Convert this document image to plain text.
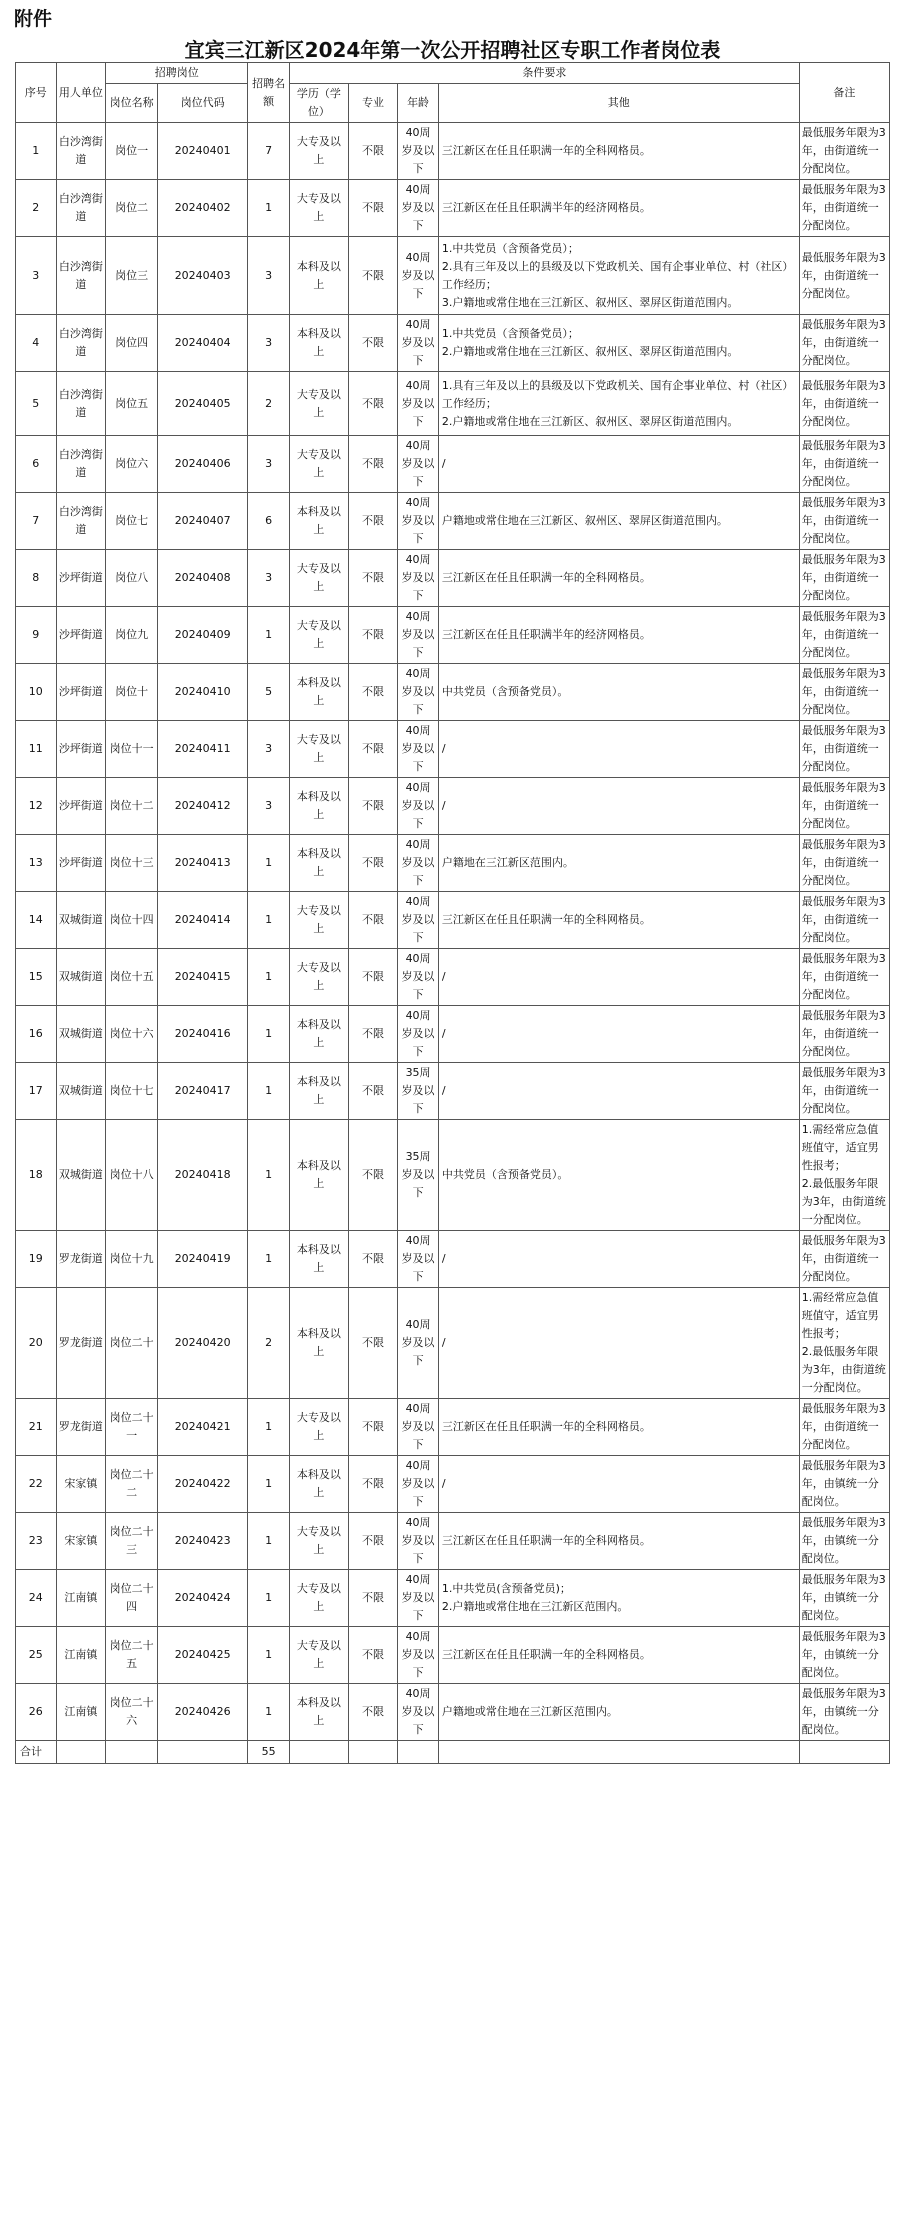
附件
宜宾三江新区2024年第一次公开招聘社区专职工作者岗位表
序号	用人单位	招聘岗位		招聘名额	条件要求				备注
		岗位名称	岗位代码		学历（学位）	专业	年龄	其他	
1	白沙湾街道	岗位一	20240401	7	大专及以上	不限	40周岁及以下	三江新区在任且任职满一年的全科网格员。	最低服务年限为3年，由街道统一分配岗位。

2	白沙湾街道	岗位二	20240402	1	大专及以上	不限	40周岁及以下	三江新区在任且任职满半年的经济网格员。	最低服务年限为3年，由街道统一分配岗位。

3	白沙湾街道	岗位三	20240403	3	本科及以上	不限	40周岁及以下	1.中共党员（含预备党员）；
2.具有三年及以上的县级及以下党政机关、国有企事业单位、村（社区）工作经历；
3.户籍地或常住地在三江新区、叙州区、翠屏区街道范围内。	最低服务年限为3年，由街道统一分配岗位。

4	白沙湾街道	岗位四	20240404	3	本科及以上	不限	40周岁及以下	1.中共党员（含预备党员）；
2.户籍地或常住地在三江新区、叙州区、翠屏区街道范围内。	最低服务年限为3年，由街道统一分配岗位。

5	白沙湾街道	岗位五	20240405	2	大专及以上	不限	40周岁及以下	1.具有三年及以上的县级及以下党政机关、国有企事业单位、村（社区）工作经历；
2.户籍地或常住地在三江新区、叙州区、翠屏区街道范围内。	最低服务年限为3年，由街道统一分配岗位。

6	白沙湾街道	岗位六	20240406	3	大专及以上	不限	40周岁及以下	/	最低服务年限为3年，由街道统一分配岗位。

7	白沙湾街道	岗位七	20240407	6	本科及以上	不限	40周岁及以下	户籍地或常住地在三江新区、叙州区、翠屏区街道范围内。	最低服务年限为3年，由街道统一分配岗位。

8	沙坪街道	岗位八	20240408	3	大专及以上	不限	40周岁及以下	三江新区在任且任职满一年的全科网格员。	最低服务年限为3年，由街道统一分配岗位。

9	沙坪街道	岗位九	20240409	1	大专及以上	不限	40周岁及以下	三江新区在任且任职满半年的经济网格员。	最低服务年限为3年，由街道统一分配岗位。

10	沙坪街道	岗位十	20240410	5	本科及以上	不限	40周岁及以下	中共党员（含预备党员）。	最低服务年限为3年，由街道统一分配岗位。

11	沙坪街道	岗位十一	20240411	3	大专及以上	不限	40周岁及以下	/	最低服务年限为3年，由街道统一分配岗位。

12	沙坪街道	岗位十二	20240412	3	本科及以上	不限	40周岁及以下	/	最低服务年限为3年，由街道统一分配岗位。

13	沙坪街道	岗位十三	20240413	1	本科及以上	不限	40周岁及以下	户籍地在三江新区范围内。	最低服务年限为3年，由街道统一分配岗位。

14	双城街道	岗位十四	20240414	1	大专及以上	不限	40周岁及以下	三江新区在任且任职满一年的全科网格员。	最低服务年限为3年，由街道统一分配岗位。

15	双城街道	岗位十五	20240415	1	大专及以上	不限	40周岁及以下	/	最低服务年限为3年，由街道统一分配岗位。

16	双城街道	岗位十六	20240416	1	本科及以上	不限	40周岁及以下	/	最低服务年限为3年，由街道统一分配岗位。

17	双城街道	岗位十七	20240417	1	本科及以上	不限	35周岁及以下	/	最低服务年限为3年，由街道统一分配岗位。

18	双城街道	岗位十八	20240418	1	本科及以上	不限	35周岁及以下	中共党员（含预备党员）。	1.需经常应急值班值守，适宜男性报考；
2.最低服务年限为3年，由街道统一分配岗位。

19	罗龙街道	岗位十九	20240419	1	本科及以上	不限	40周岁及以下	/	最低服务年限为3年，由街道统一分配岗位。

20	罗龙街道	岗位二十	20240420	2	本科及以上	不限	40周岁及以下	/	1.需经常应急值班值守，适宜男性报考；
2.最低服务年限为3年，由街道统一分配岗位。

21	罗龙街道	岗位二十一	20240421	1	大专及以上	不限	40周岁及以下	三江新区在任且任职满一年的全科网格员。	最低服务年限为3年，由街道统一分配岗位。

22	宋家镇	岗位二十二	20240422	1	本科及以上	不限	40周岁及以下	/	最低服务年限为3年，由镇统一分配岗位。

23	宋家镇	岗位二十三	20240423	1	大专及以上	不限	40周岁及以下	三江新区在任且任职满一年的全科网格员。	最低服务年限为3年，由镇统一分配岗位。

24	江南镇	岗位二十四	20240424	1	大专及以上	不限	40周岁及以下	1.中共党员(含预备党员)；
2.户籍地或常住地在三江新区范围内。	最低服务年限为3年，由镇统一分配岗位。

25	江南镇	岗位二十五	20240425	1	大专及以上	不限	40周岁及以下	三江新区在任且任职满一年的全科网格员。	最低服务年限为3年，由镇统一分配岗位。

26	江南镇	岗位二十六	20240426	1	本科及以上	不限	40周岁及以下	户籍地或常住地在三江新区范围内。	最低服务年限为3年，由镇统一分配岗位。

合计				55					
